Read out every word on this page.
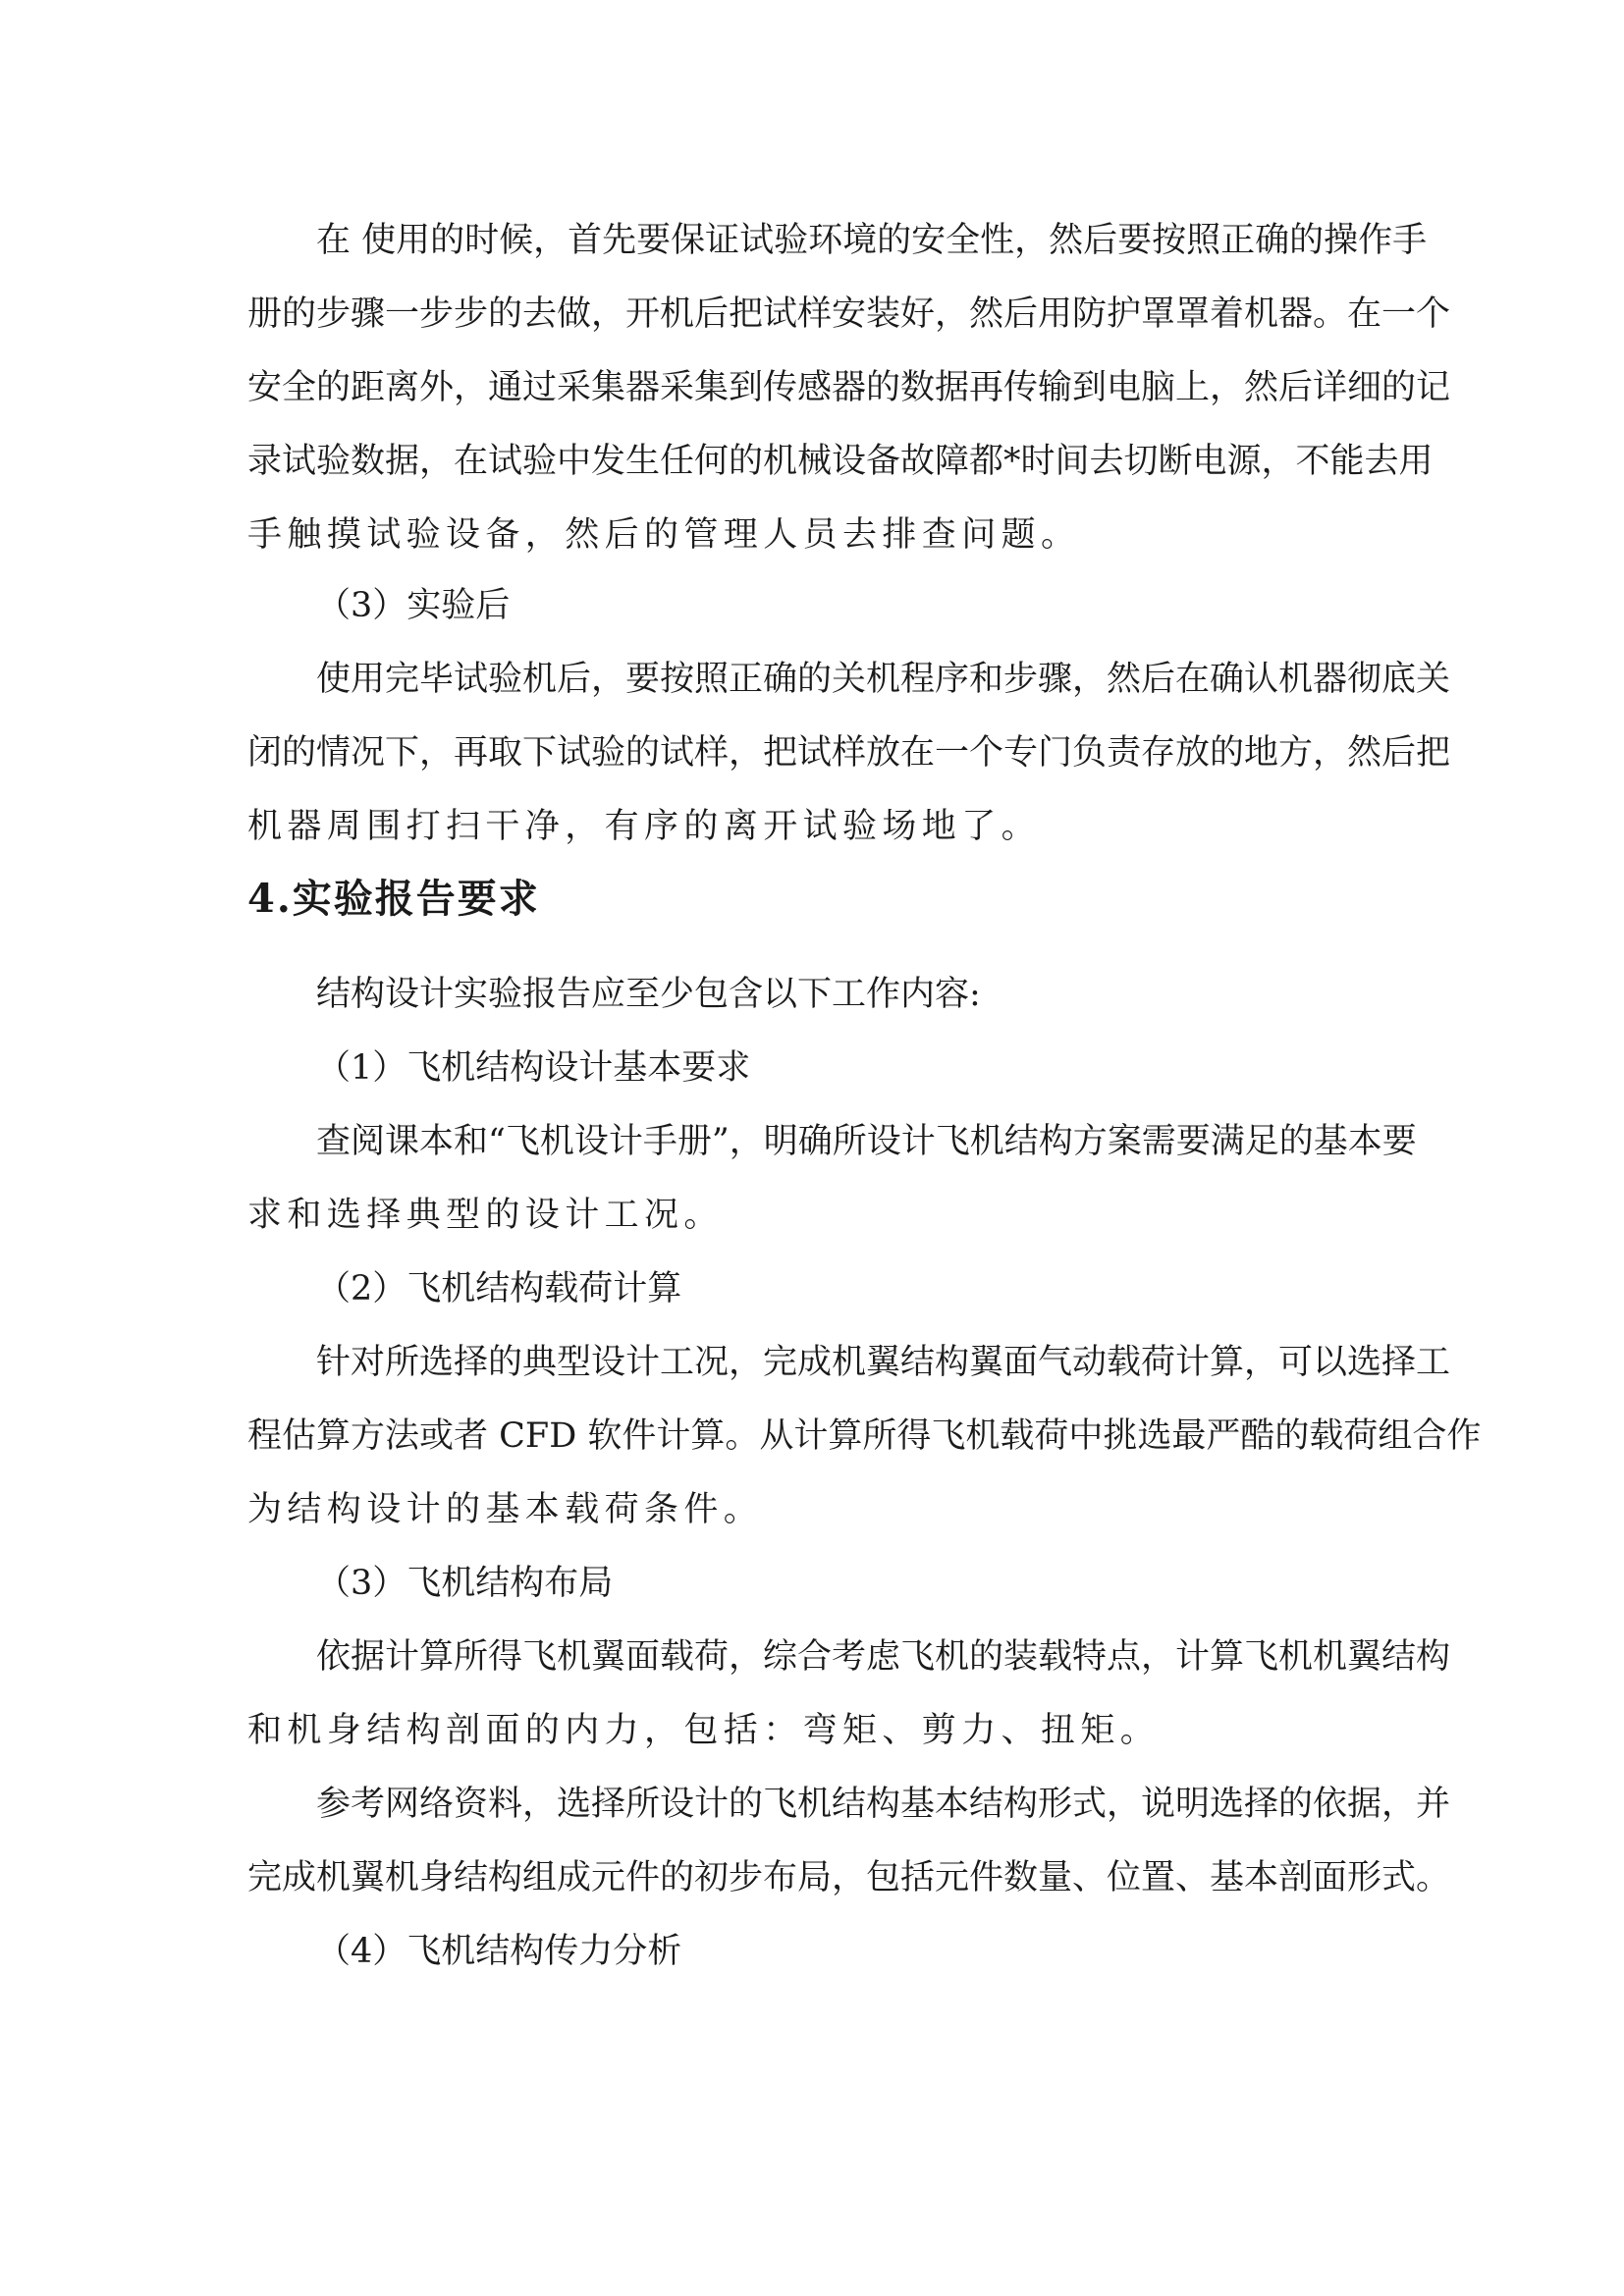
在 使用的时候，首先要保证试验环境的安全性，然后要按照正确的操作手
册的步骤一步步的去做，开机后把试样安装好，然后用防护罩罩着机器。在一个
安全的距离外，通过采集器采集到传感器的数据再传输到电脑上，然后详细的记
录试验数据，在试验中发生任何的机械设备故障都*时间去切断电源，不能去用
手触摸试验设备，然后的管理人员去排查问题。
（3）实验后
使用完毕试验机后，要按照正确的关机程序和步骤，然后在确认机器彻底关
闭的情况下，再取下试验的试样，把试样放在一个专门负责存放的地方，然后把
机器周围打扫干净，有序的离开试验场地了。
4.实验报告要求
结构设计实验报告应至少包含以下工作内容:
（1）飞机结构设计基本要求
查阅课本和“飞机设计手册”，明确所设计飞机结构方案需要满足的基本要
求和选择典型的设计工况。
（2）飞机结构载荷计算
针对所选择的典型设计工况，完成机翼结构翼面气动载荷计算，可以选择工
程估算方法或者 CFD 软件计算。从计算所得飞机载荷中挑选最严酷的载荷组合作
为结构设计的基本载荷条件。
（3）飞机结构布局
依据计算所得飞机翼面载荷，综合考虑飞机的装载特点，计算飞机机翼结构
和机身结构剖面的内力，包括：弯矩、剪力、扭矩。
参考网络资料，选择所设计的飞机结构基本结构形式，说明选择的依据，并
完成机翼机身结构组成元件的初步布局，包括元件数量、位置、基本剖面形式。
（4）飞机结构传力分析
